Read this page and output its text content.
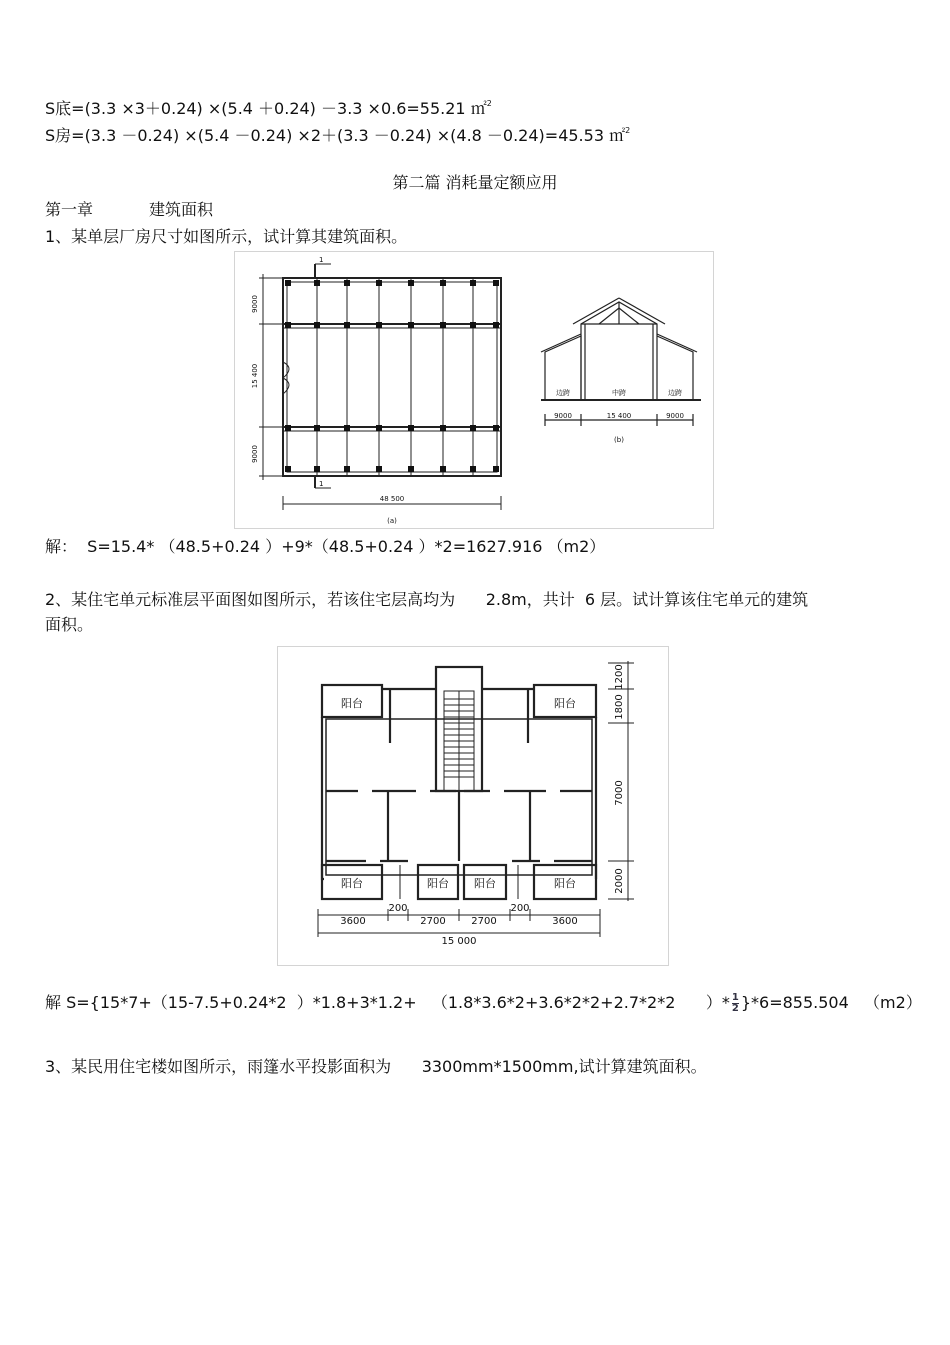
S底=(3.3 ×3＋0.24) ×(5.4 ＋0.24) －3.3 ×0.6=55.21 ㎡$^2$
S房=(3.3 －0.24) ×(5.4 －0.24) ×2＋(3.3 －0.24) ×(4.8 －0.24)=45.53 ㎡$^2$
第二篇 消耗量定额应用
第一章	建筑面积
1、某单层厂房尺寸如图所示，试计算其建筑面积。
9000
15 400
9000
48 500
(a)
1
1
边跨	中跨	边跨
9000	15 400	9000
(b)
解：  S=15.4* （48.5+0.24 ）+9*（48.5+0.24 ）*2=1627.916 （m2）
2、某住宅单元标准层平面图如图所示，若该住宅层高均为      2.8m，共计  6 层。试计算该住宅单元的建筑
面积。
阳台	阳台
阳台	阳台 阳台	阳台
1200
1800
7000
2000
3600
200
2700	2700
200
3600
15 000
解 S={15*7+（15-7.5+0.24*2  ）*1.8+3*1.2+   （1.8*3.6*2+3.6*2*2+2.7*2*2      ）* $\frac{1}{2} \}*6=855.504$   （m2）
3、某民用住宅楼如图所示，雨篷水平投影面积为      3300mm*1500mm,试计算建筑面积。
